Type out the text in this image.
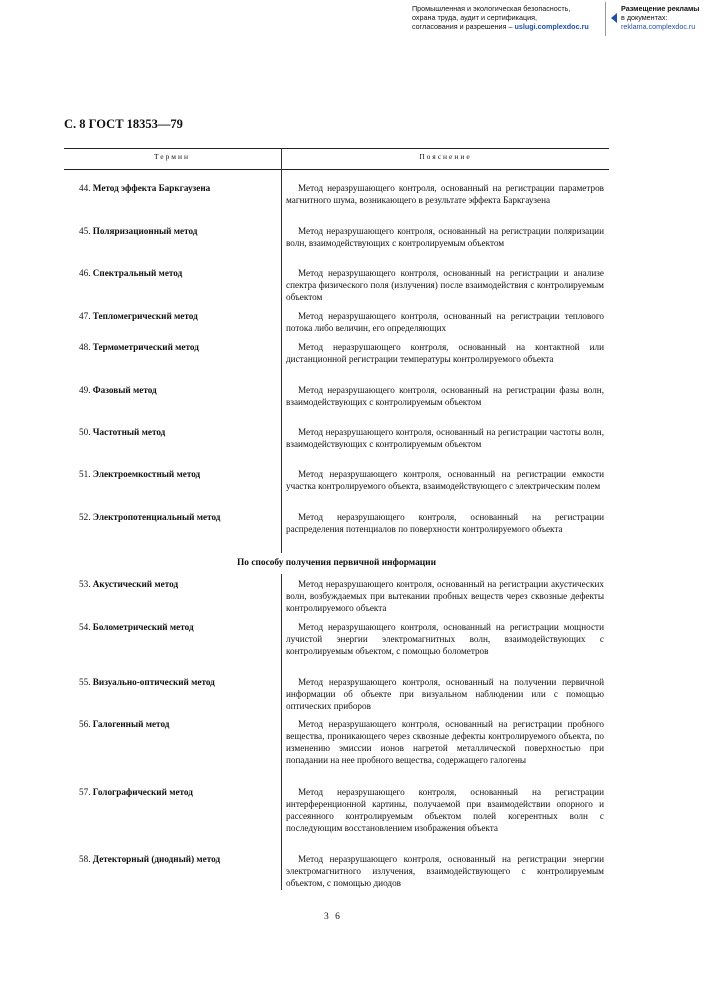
Промышленная и экологическая безопасность,
охрана труда, аудит и сертификация,
согласования и разрешения – uslugi.complexdoc.ru
Размещение рекламы
в документах:
reklama.complexdoc.ru
С. 8 ГОСТ 18353—79
Термин	Пояснение
44. Метод эффекта Баркгаузена	Метод неразрушающего контроля, основанный на регистрации параметров магнитного шума, возникающего в результате эффекта Баркгаузена
45. Поляризационный метод	Метод неразрушающего контроля, основанный на регистрации поляризации волн, взаимодействующих с контролируемым объектом
46. Спектральный метод	Метод неразрушающего контроля, основанный на регистрации и анализе спектра физического поля (излучения) после взаимодействия с контролируемым объектом
47. Тепломегрический метод	Метод неразрушающего контроля, основанный на регистрации теплового потока либо величин, его определяющих
48. Термометрический метод	Метод неразрушающего контроля, основанный на контактной или дистанционной регистрации температуры контролируемого объекта
49. Фазовый метод	Метод неразрушающего контроля, основанный на регистрации фазы волн, взаимодействующих с контролируемым объектом
50. Частотный метод	Метод неразрушающего контроля, основанный на регистрации частоты волн, взаимодействующих с контролируемым объектом
51. Электроемкостный метод	Метод неразрушающего контроля, основанный на регистрации емкости участка контролируемого объекта, взаимодействующего с электрическим полем
52. Электропотенциальный метод	Метод неразрушающего контроля, основанный на регистрации распределения потенциалов по поверхности контролируемого объекта
По способу получения первичной информации
53. Акустический метод	Метод неразрушающего контроля, основанный на регистрации акустических волн, возбуждаемых при вытекании пробных веществ через сквозные дефекты контролируемого объекта
54. Болометрический метод	Метод неразрушающего контроля, основанный на регистрации мощности лучистой энергии электромагнитных волн, взаимодействующих с контролируемым объектом, с помощью болометров
55. Визуально-оптический метод	Метод неразрушающего контроля, основанный на получении первичной информации об объекте при визуальном наблюдении или с помощью оптических приборов
56. Галогенный метод	Метод неразрушающего контроля, основанный на регистрации пробного вещества, проникающего через сквозные дефекты контролируемого объекта, по изменению эмиссии ионов нагретой металлической поверхностью при попадании на нее пробного вещества, содержащего галогены
57. Голографический метод	Метод неразрушающего контроля, основанный на регистрации интерференционной картины, получаемой при взаимодействии опорного и рассеянного контролируемым объектом полей когерентных волн с последующим восстановлением изображения объекта
58. Детекторный (диодный) метод	Метод неразрушающего контроля, основанный на регистрации энергии электромагнитного излучения, взаимодействующего с контролируемым объектом, с помощью диодов
3 6
